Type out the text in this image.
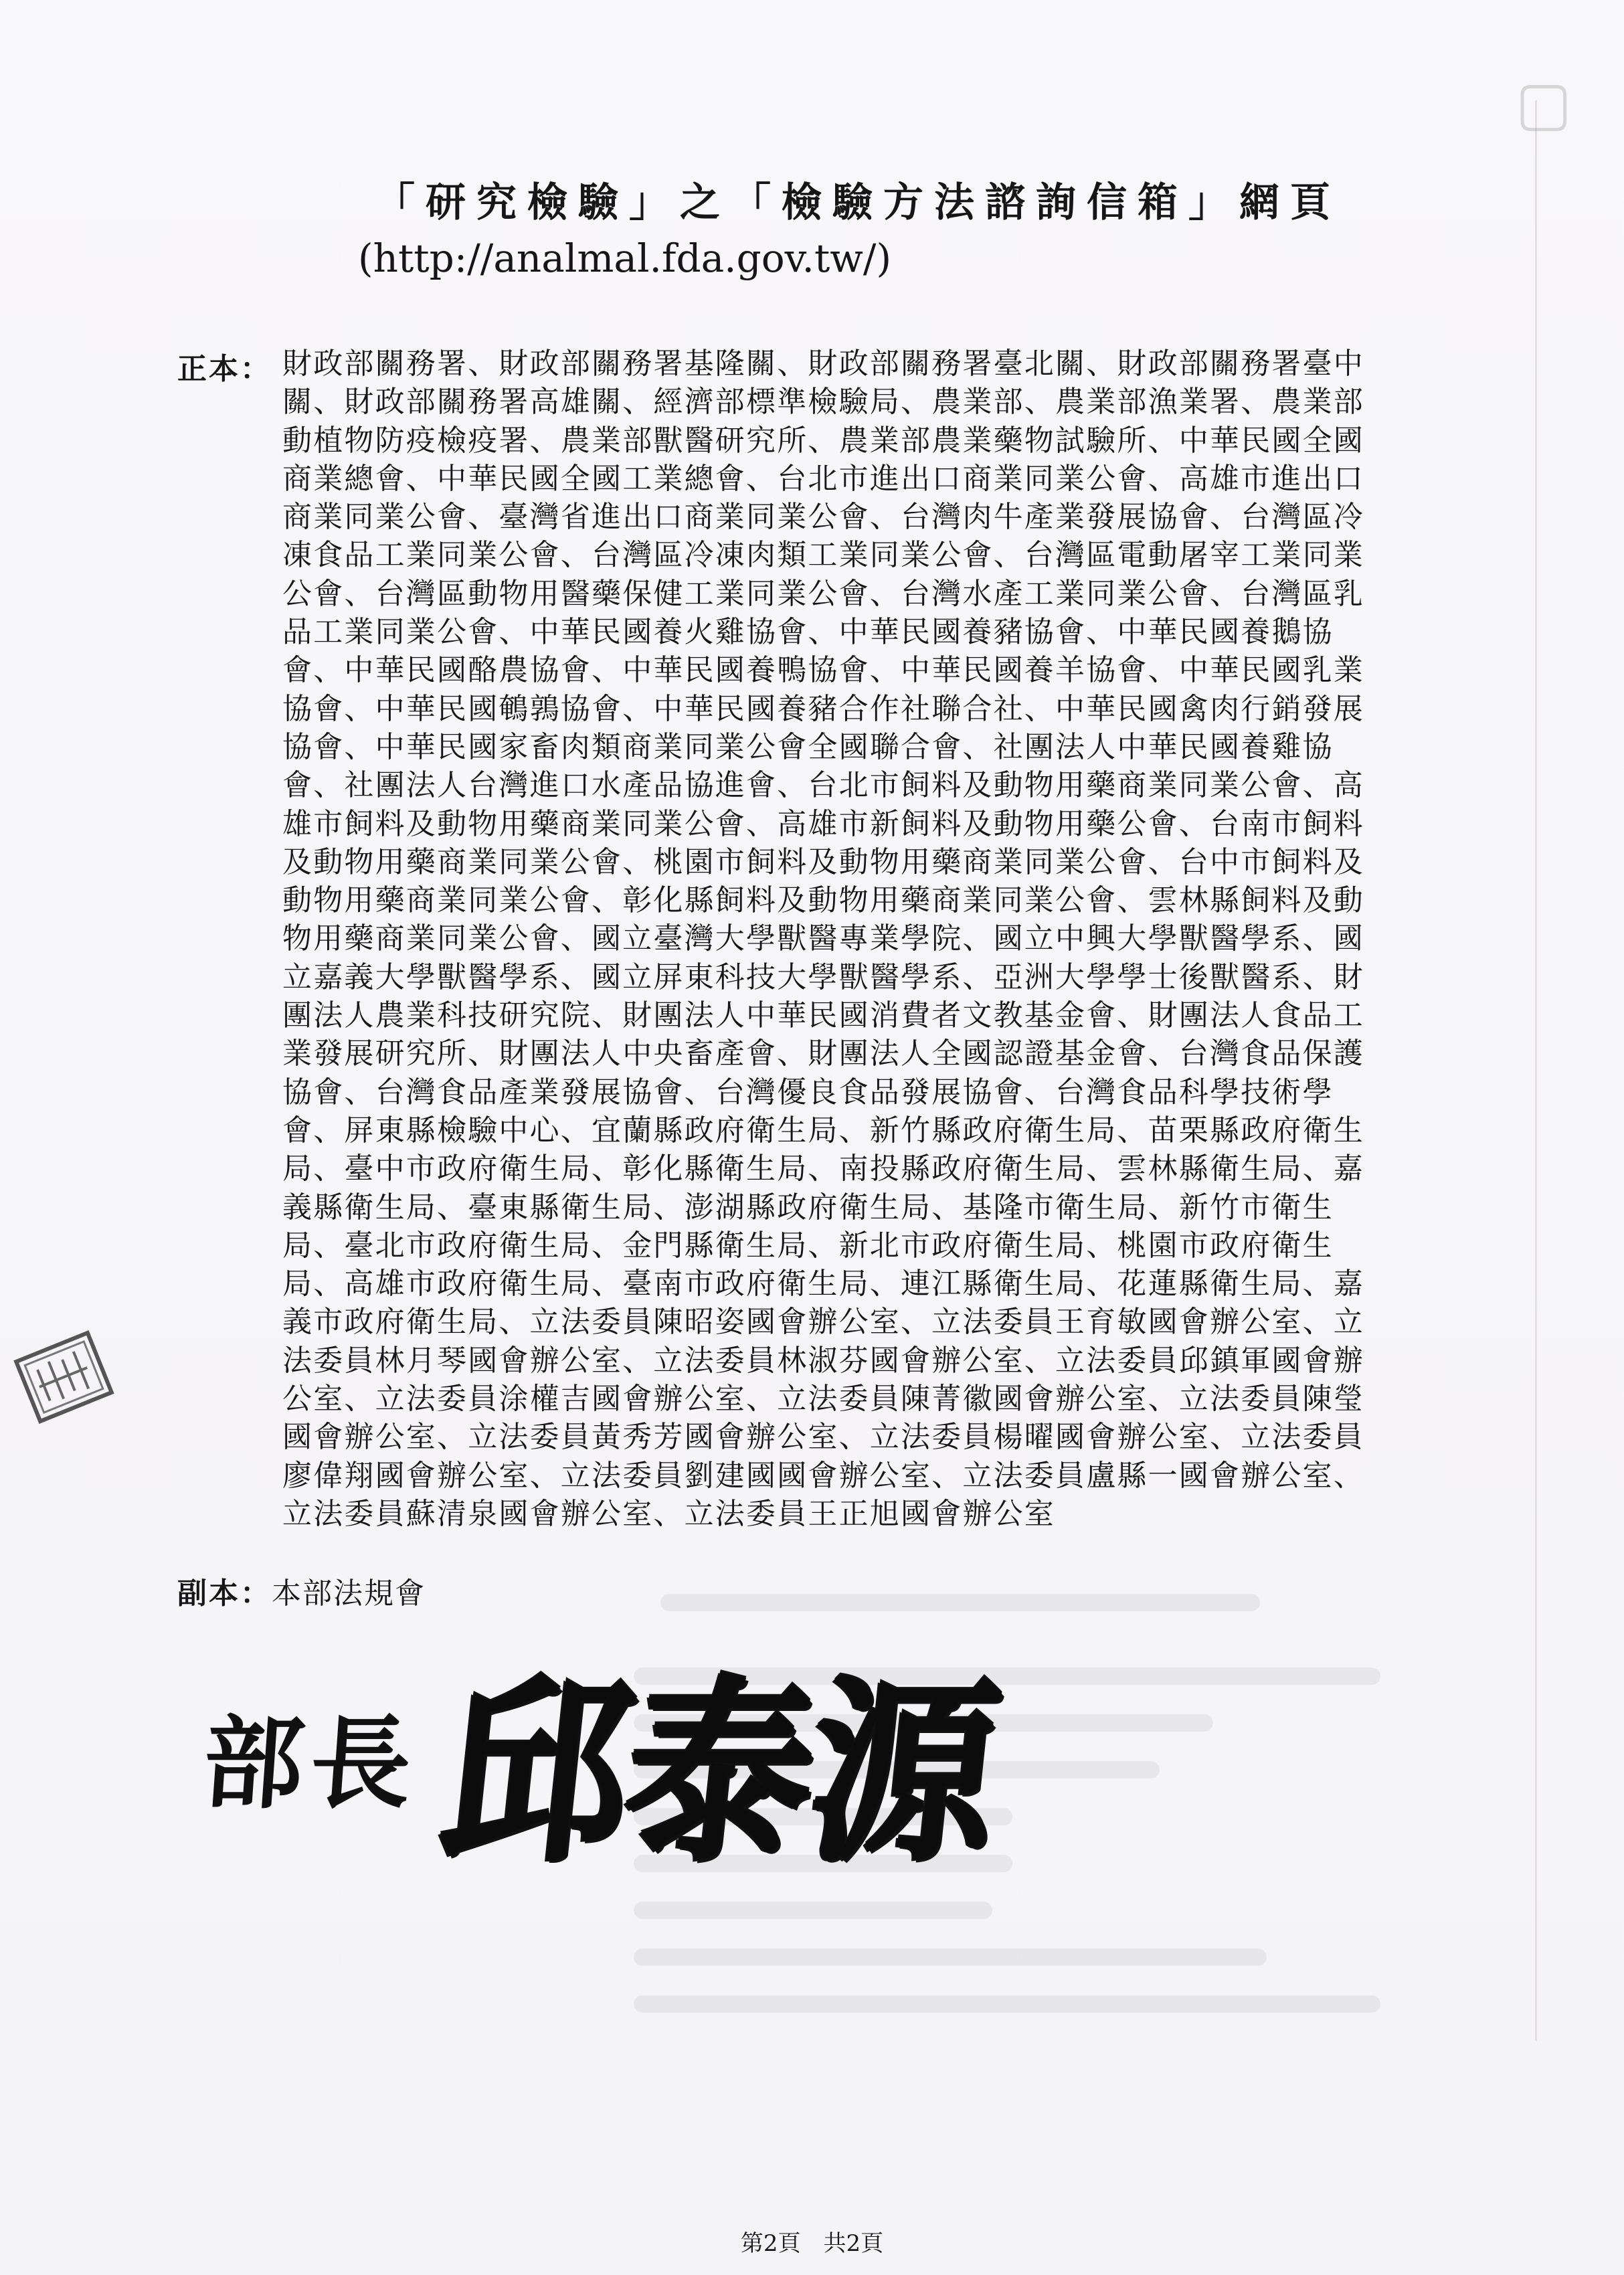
▢
「研究檢驗」之「檢驗方法諮詢信箱」網頁
(http://analmal.fda.gov.tw/)
正本： 財政部關務署、財政部關務署基隆關、財政部關務署臺北關、財政部關務署臺中
關、財政部關務署高雄關、經濟部標準檢驗局、農業部、農業部漁業署、農業部
動植物防疫檢疫署、農業部獸醫研究所、農業部農業藥物試驗所、中華民國全國
商業總會、中華民國全國工業總會、台北市進出口商業同業公會、高雄市進出口
商業同業公會、臺灣省進出口商業同業公會、台灣肉牛產業發展協會、台灣區冷
凍食品工業同業公會、台灣區冷凍肉類工業同業公會、台灣區電動屠宰工業同業
公會、台灣區動物用醫藥保健工業同業公會、台灣水產工業同業公會、台灣區乳
品工業同業公會、中華民國養火雞協會、中華民國養豬協會、中華民國養鵝協
會、中華民國酪農協會、中華民國養鴨協會、中華民國養羊協會、中華民國乳業
協會、中華民國鵪鶉協會、中華民國養豬合作社聯合社、中華民國禽肉行銷發展
協會、中華民國家畜肉類商業同業公會全國聯合會、社團法人中華民國養雞協
會、社團法人台灣進口水產品協進會、台北市飼料及動物用藥商業同業公會、高
雄市飼料及動物用藥商業同業公會、高雄市新飼料及動物用藥公會、台南市飼料
及動物用藥商業同業公會、桃園市飼料及動物用藥商業同業公會、台中市飼料及
動物用藥商業同業公會、彰化縣飼料及動物用藥商業同業公會、雲林縣飼料及動
物用藥商業同業公會、國立臺灣大學獸醫專業學院、國立中興大學獸醫學系、國
立嘉義大學獸醫學系、國立屏東科技大學獸醫學系、亞洲大學學士後獸醫系、財
團法人農業科技研究院、財團法人中華民國消費者文教基金會、財團法人食品工
業發展研究所、財團法人中央畜產會、財團法人全國認證基金會、台灣食品保護
協會、台灣食品產業發展協會、台灣優良食品發展協會、台灣食品科學技術學
會、屏東縣檢驗中心、宜蘭縣政府衛生局、新竹縣政府衛生局、苗栗縣政府衛生
局、臺中市政府衛生局、彰化縣衛生局、南投縣政府衛生局、雲林縣衛生局、嘉
義縣衛生局、臺東縣衛生局、澎湖縣政府衛生局、基隆市衛生局、新竹市衛生
局、臺北市政府衛生局、金門縣衛生局、新北市政府衛生局、桃園市政府衛生
局、高雄市政府衛生局、臺南市政府衛生局、連江縣衛生局、花蓮縣衛生局、嘉
義市政府衛生局、立法委員陳昭姿國會辦公室、立法委員王育敏國會辦公室、立
法委員林月琴國會辦公室、立法委員林淑芬國會辦公室、立法委員邱鎮軍國會辦
公室、立法委員涂權吉國會辦公室、立法委員陳菁徽國會辦公室、立法委員陳瑩
國會辦公室、立法委員黃秀芳國會辦公室、立法委員楊曜國會辦公室、立法委員
廖偉翔國會辦公室、立法委員劉建國國會辦公室、立法委員盧縣一國會辦公室、
立法委員蘇清泉國會辦公室、立法委員王正旭國會辦公室
副本：本部法規會
部長 邱泰源
第2頁　共2頁
